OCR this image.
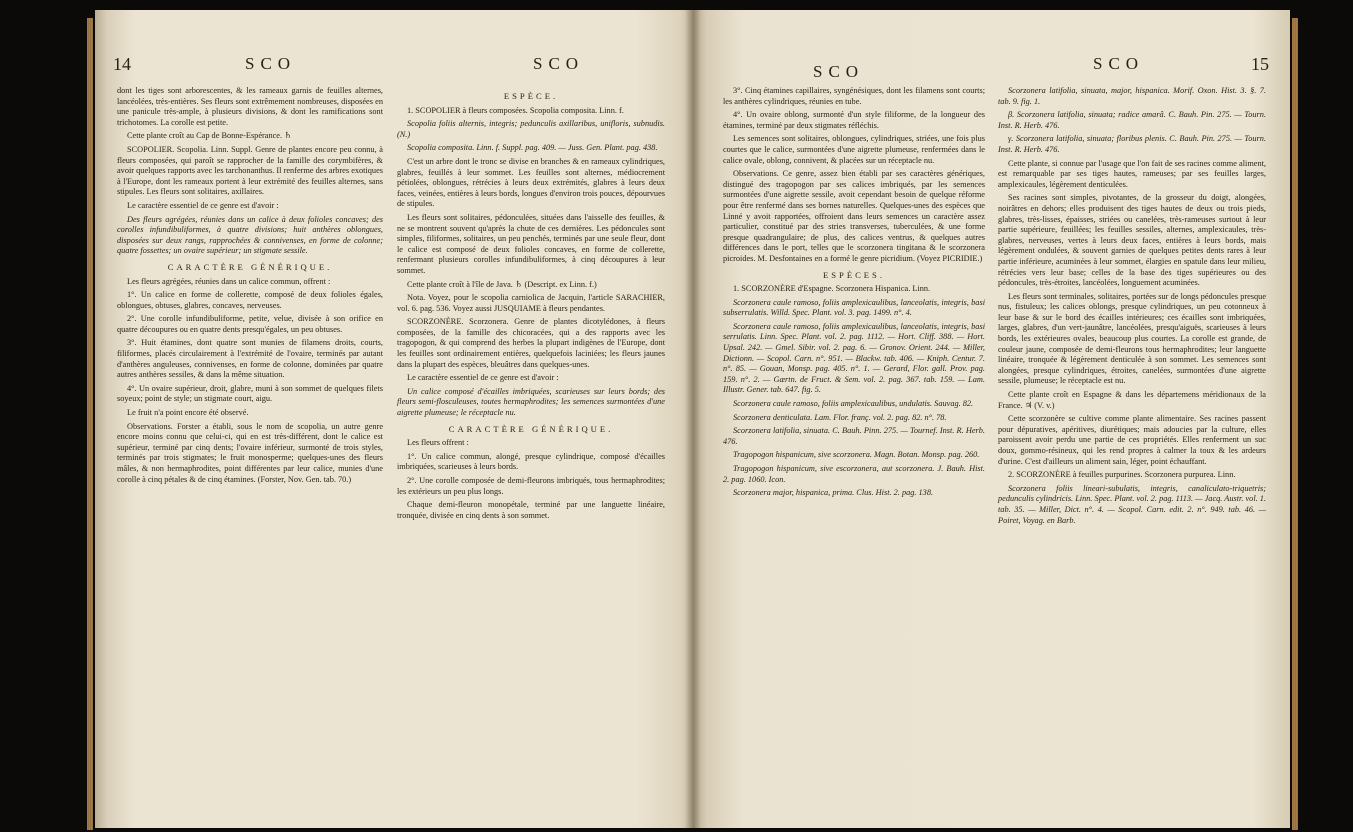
14	SCO	SCO

dont les tiges sont arborescentes, & les rameaux garnis de feuilles alternes, lancéolées, très-entières. Ses fleurs sont extrêmement nombreuses, disposées en une panicule très-ample, à plusieurs divisions, & dont les ramifications sont trichotomes. La corolle est petite.

Cette plante croît au Cap de Bonne-Espérance. ♄

SCOPOLIER. Scopolia. Linn. Suppl. Genre de plantes encore peu connu, à fleurs composées, qui paroît se rapprocher de la famille des corymbifères, & avoir quelques rapports avec les tarchonanthus. Il renferme des arbres exotiques à l'Europe, dont les rameaux portent à leur extrémité des feuilles alternes, sans stipules. Les fleurs sont solitaires, axillaires.

Le caractère essentiel de ce genre est d'avoir :

Des fleurs agrégées, réunies dans un calice à deux folioles concaves; des corolles infundibuliformes, à quatre divisions; huit anthères oblongues, disposées sur deux rangs, rapprochées & connivenses, en forme de colonne; quatre fossettes; un ovaire supérieur; un stigmate sessile.

CARACTÈRE GÉNÉRIQUE.

Les fleurs agrégées, réunies dans un calice commun, offrent :

1°. Un calice en forme de collerette, composé de deux folioles égales, oblongues, obtuses, glabres, concaves, nerveuses.

2°. Une corolle infundibuliforme, petite, velue, divisée à son orifice en quatre découpures ou en quatre dents presqu'égales, un peu obtuses.

3°. Huit étamines, dont quatre sont munies de filamens droits, courts, filiformes, placés circulairement à l'extrémité de l'ovaire, terminés par autant d'anthères anguleuses, connivenses, en forme de colonne, dominées par quatre autres anthères sessiles, & dans la même situation.

4°. Un ovaire supérieur, droit, glabre, muni à son sommet de quelques filets soyeux; point de style; un stigmate court, aigu.

Le fruit n'a point encore été observé.

Observations. Forster a établi, sous le nom de scopolia, un autre genre encore moins connu que celui-ci, qui en est très-différent, dont le calice est supérieur, terminé par cinq dents; l'ovaire inférieur, surmonté de trois styles, terminés par trois stigmates; le fruit monosperme; quelques-unes des fleurs mâles, & non hermaphrodites, point différentes par leur calice, munies d'une corolle à cinq pétales & de cinq étamines. (Forster, Nov. Gen. tab. 70.)

ESPÈCE.

1. SCOPOLIER à fleurs composées. Scopolia composita. Linn. f.

Scopolia foliis alternis, integris; pedunculis axillaribus, unifloris, subnudis. (N.)

Scopolia composita. Linn. f. Suppl. pag. 409. — Juss. Gen. Plant. pag. 438.

C'est un arbre dont le tronc se divise en branches & en rameaux cylindriques, glabres, feuillés à leur sommet. Les feuilles sont alternes, médiocrement pétiolées, oblongues, rétrécies à leurs deux extrémités, glabres à leurs deux faces, veinées, entières à leurs bords, longues d'environ trois pouces, dépourvues de stipules.

Les fleurs sont solitaires, pédonculées, situées dans l'aisselle des feuilles, & ne se montrent souvent qu'après la chute de ces dernières. Les pédoncules sont simples, filiformes, solitaires, un peu penchés, terminés par une seule fleur, dont le calice est composé de deux folioles concaves, en forme de collerette, renfermant plusieurs corolles infundibuliformes, à cinq découpures à leur sommet.

Cette plante croît à l'île de Java. ♄ (Descript. ex Linn. f.)

Nota. Voyez, pour le scopolia carniolica de Jacquin, l'article SARACHIER, vol. 6. pag. 536. Voyez aussi JUSQUIAME à fleurs pendantes.

SCORZONÈRE. Scorzonera. Genre de plantes dicotylédones, à fleurs composées, de la famille des chicoracées, qui a des rapports avec les tragopogon, & qui comprend des herbes la plupart indigènes de l'Europe, dont les feuilles sont ordinairement entières, quelquefois laciniées; les fleurs jaunes dans la plupart des espèces, bleuâtres dans quelques-unes.

Le caractère essentiel de ce genre est d'avoir :

Un calice composé d'écailles imbriquées, scarieuses sur leurs bords; des fleurs semi-flosculeuses, toutes hermaphrodites; les semences surmontées d'une aigrette plumeuse; le réceptacle nu.

CARACTÈRE GÉNÉRIQUE.

Les fleurs offrent :

1°. Un calice commun, alongé, presque cylindrique, composé d'écailles imbriquées, scarieuses à leurs bords.

2°. Une corolle composée de demi-fleurons imbriqués, tous hermaphrodites; les extérieurs un peu plus longs.

Chaque demi-fleuron monopétale, terminé par une languette linéaire, tronquée, divisée en cinq dents à son sommet.

SCO	SCO	15

3°. Cinq étamines capillaires, syngénésiques, dont les filamens sont courts; les anthères cylindriques, réunies en tube.

4°. Un ovaire oblong, surmonté d'un style filiforme, de la longueur des étamines, terminé par deux stigmates réfléchis.

Les semences sont solitaires, oblongues, cylindriques, striées, une fois plus courtes que le calice, surmontées d'une aigrette plumeuse, renfermées dans le calice ovale, oblong, connivent, & placées sur un réceptacle nu.

Observations. Ce genre, assez bien établi par ses caractères génériques, distingué des tragopogon par ses calices imbriqués, par les semences surmontées d'une aigrette sessile, avoit cependant besoin de quelque réforme pour être renfermé dans ses bornes naturelles. Quelques-unes des espèces que Linné y avoit rapportées, offroient dans leurs semences un caractère assez particulier, constitué par des stries transverses, tuberculées, & une forme presque quadrangulaire; de plus, des calices ventrus, & quelques autres différences dans le port, telles que le scorzonera tingitana & le scorzonera picroides. M. Desfontaines en a formé le genre picridium. (Voyez PICRIDIE.)

ESPÈCES.

1. SCORZONÈRE d'Espagne. Scorzonera Hispanica. Linn.

Scorzonera caule ramoso, foliis amplexicaulibus, lanceolatis, integris, basi subserrulatis. Willd. Spec. Plant. vol. 3. pag. 1499. n°. 4.

Scorzonera caule ramoso, foliis amplexicaulibus, lanceolatis, integris, basi serrulatis. Linn. Spec. Plant. vol. 2. pag. 1112. — Hort. Cliff. 388. — Hort. Upsal. 242. — Gmel. Sibir. vol. 2. pag. 6. — Gronov. Orient. 244. — Miller, Dictionn. — Scopol. Carn. n°. 951. — Blackw. tab. 406. — Kniph. Centur. 7. n°. 85. — Gouan, Monsp. pag. 405. n°. 1. — Gerard, Flor. gall. Prov. pag. 159. n°. 2. — Gærtn. de Fruct. & Sem. vol. 2. pag. 367. tab. 159. — Lam. Illustr. Gener. tab. 647. fig. 5.

Scorzonera caule ramoso, foliis amplexicaulibus, undulatis. Sauvag. 82.

Scorzonera denticulata. Lam. Flor. franç. vol. 2. pag. 82. n°. 78.

Scorzonera latifolia, sinuata. C. Bauh. Pinn. 275. — Tournef. Inst. R. Herb. 476.

Tragopogon hispanicum, sive scorzonera. Magn. Botan. Monsp. pag. 260.

Tragopogon hispanicum, sive escorzonera, aut scorzonera. J. Bauh. Hist. 2. pag. 1060. Icon.

Scorzonera major, hispanica, prima. Clus. Hist. 2. pag. 138.

Scorzonera latifolia, sinuata, major, hispanica. Morif. Oxon. Hist. 3. §. 7. tab. 9. fig. 1.

β. Scorzonera latifolia, sinuata; radice amarâ. C. Bauh. Pin. 275. — Tourn. Inst. R. Herb. 476.

γ. Scorzonera latifolia, sinuata; floribus plenis. C. Bauh. Pin. 275. — Tourn. Inst. R. Herb. 476.

Cette plante, si connue par l'usage que l'on fait de ses racines comme aliment, est remarquable par ses tiges hautes, rameuses; par ses feuilles larges, amplexicaules, légèrement denticulées.

Ses racines sont simples, pivotantes, de la grosseur du doigt, alongées, noirâtres en dehors; elles produisent des tiges hautes de deux ou trois pieds, glabres, très-lisses, épaisses, striées ou canelées, très-rameuses surtout à leur partie supérieure, feuillées; les feuilles sessiles, alternes, amplexicaules, très-glabres, nerveuses, vertes à leurs deux faces, entières à leurs bords, mais légèrement ondulées, & souvent garnies de quelques petites dents rares à leur partie inférieure, acuminées à leur sommet, élargies en spatule dans leur milieu, rétrécies vers leur base; celles de la base des tiges supérieures ou des pédoncules, très-étroites, lancéolées, longuement acuminées.

Les fleurs sont terminales, solitaires, portées sur de longs pédoncules presque nus, fistuleux; les calices oblongs, presque cylindriques, un peu cotonneux à leur base & sur le bord des écailles intérieures; ces écailles sont imbriquées, larges, glabres, d'un vert-jaunâtre, lancéolées, presqu'aiguës, scarieuses à leurs bords, les extérieures ovales, beaucoup plus courtes. La corolle est grande, de couleur jaune, composée de demi-fleurons tous hermaphrodites; leur languette linéaire, tronquée & légèrement denticulée à son sommet. Les semences sont alongées, presque cylindriques, étroites, canelées, surmontées d'une aigrette sessile, plumeuse; le réceptacle est nu.

Cette plante croît en Espagne & dans les départemens méridionaux de la France. ♃ (V. v.)

Cette scorzonère se cultive comme plante alimentaire. Ses racines passent pour dépuratives, apéritives, diurétiques; mais adoucies par la culture, elles paroissent avoir perdu une partie de ces propriétés. Elles renferment un suc doux, gommo-résineux, qui les rend propres à calmer la toux & les ardeurs d'urine. C'est d'ailleurs un aliment sain, léger, point échauffant.

2. SCORZONÈRE à feuilles purpurines. Scorzonera purpurea. Linn.

Scorzonera foliis lineari-subulatis, integris, canaliculato-triquetris; pedunculis cylindricis. Linn. Spec. Plant. vol. 2. pag. 1113. — Jacq. Austr. vol. 1. tab. 35. — Miller, Dict. n°. 4. — Scopol. Carn. edit. 2. n°. 949. tab. 46. — Poiret, Voyag. en Barb.
